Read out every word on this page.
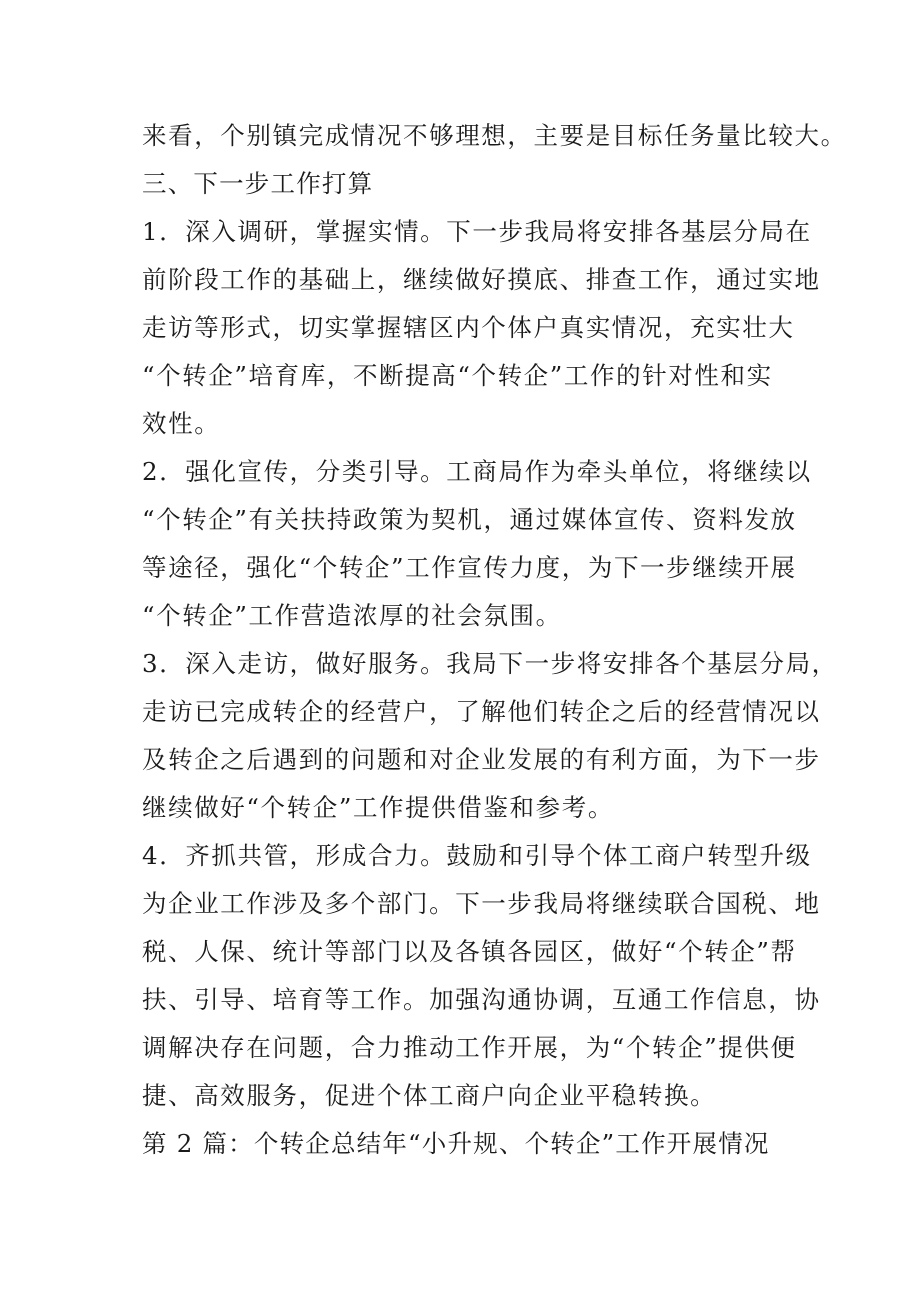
来看，个别镇完成情况不够理想，主要是目标任务量比较大。
三、下一步工作打算
1．深入调研，掌握实情。下一步我局将安排各基层分局在
前阶段工作的基础上，继续做好摸底、排查工作，通过实地
走访等形式，切实掌握辖区内个体户真实情况，充实壮大
“个转企”培育库，不断提高“个转企”工作的针对性和实
效性。
2．强化宣传，分类引导。工商局作为牵头单位，将继续以
“个转企”有关扶持政策为契机，通过媒体宣传、资料发放
等途径，强化“个转企”工作宣传力度，为下一步继续开展
“个转企”工作营造浓厚的社会氛围。
3．深入走访，做好服务。我局下一步将安排各个基层分局，
走访已完成转企的经营户，了解他们转企之后的经营情况以
及转企之后遇到的问题和对企业发展的有利方面，为下一步
继续做好“个转企”工作提供借鉴和参考。
4．齐抓共管，形成合力。鼓励和引导个体工商户转型升级
为企业工作涉及多个部门。下一步我局将继续联合国税、地
税、人保、统计等部门以及各镇各园区，做好“个转企”帮
扶、引导、培育等工作。加强沟通协调，互通工作信息，协
调解决存在问题，合力推动工作开展，为“个转企”提供便
捷、高效服务，促进个体工商户向企业平稳转换。
第 2 篇：个转企总结年“小升规、个转企”工作开展情况
